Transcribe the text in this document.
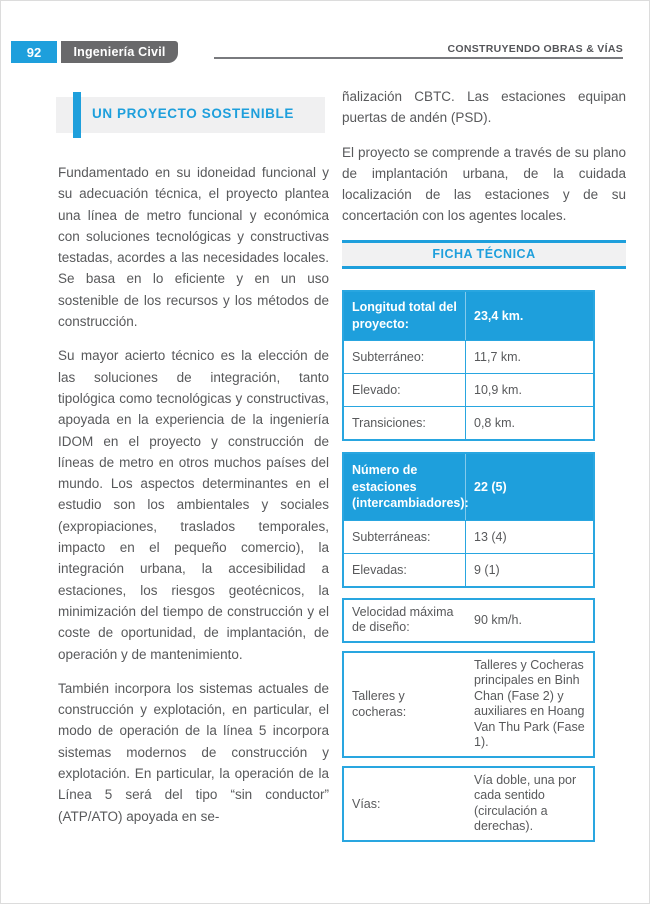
92	Ingeniería Civil	CONSTRUYENDO OBRAS & VÍAS
UN PROYECTO SOSTENIBLE

Fundamentado en su idoneidad funcional y su adecuación técnica, el proyecto plantea una línea de metro funcional y económica con soluciones tecnológicas y constructivas testadas, acordes a las necesidades locales. Se basa en lo eficiente y en un uso sostenible de los recursos y los métodos de construcción.

Su mayor acierto técnico es la elección de las soluciones de integración, tanto tipológica como tecnológicas y constructivas, apoyada en la experiencia de la ingeniería IDOM en el proyecto y construcción de líneas de metro en otros muchos países del mundo. Los aspectos determinantes en el estudio son los ambientales y sociales (expropiaciones, traslados temporales, impacto en el pequeño comercio), la integración urbana, la accesibilidad a estaciones, los riesgos geotécnicos, la minimización del tiempo de construcción y el coste de oportunidad, de implantación, de operación y de mantenimiento.

También incorpora los sistemas actuales de construcción y explotación, en particular, el modo de operación de la línea 5 incorpora sistemas modernos de construcción y explotación. En particular, la operación de la Línea 5 será del tipo “sin conductor” (ATP/ATO) apoyada en se-

ñalización CBTC. Las estaciones equipan puertas de andén (PSD).

El proyecto se comprende a través de su plano de implantación urbana, de la cuidada localización de las estaciones y de su concertación con los agentes locales.

FICHA TÉCNICA
Longitud total del proyecto:
23,4 km.
Subterráneo:	11,7 km.
Elevado:	10,9 km.
Transiciones:	0,8 km.
Número de estaciones (intercambiadores):
22 (5)
Subterráneas:	13 (4)
Elevadas:	9 (1)
Velocidad máxima de diseño:
90 km/h.
Talleres y cocheras:
Talleres y Cocheras principales en Binh Chan (Fase 2) y auxiliares en Hoang Van Thu Park (Fase 1).
Vías:
Vía doble, una por cada sentido (circulación a derechas).
